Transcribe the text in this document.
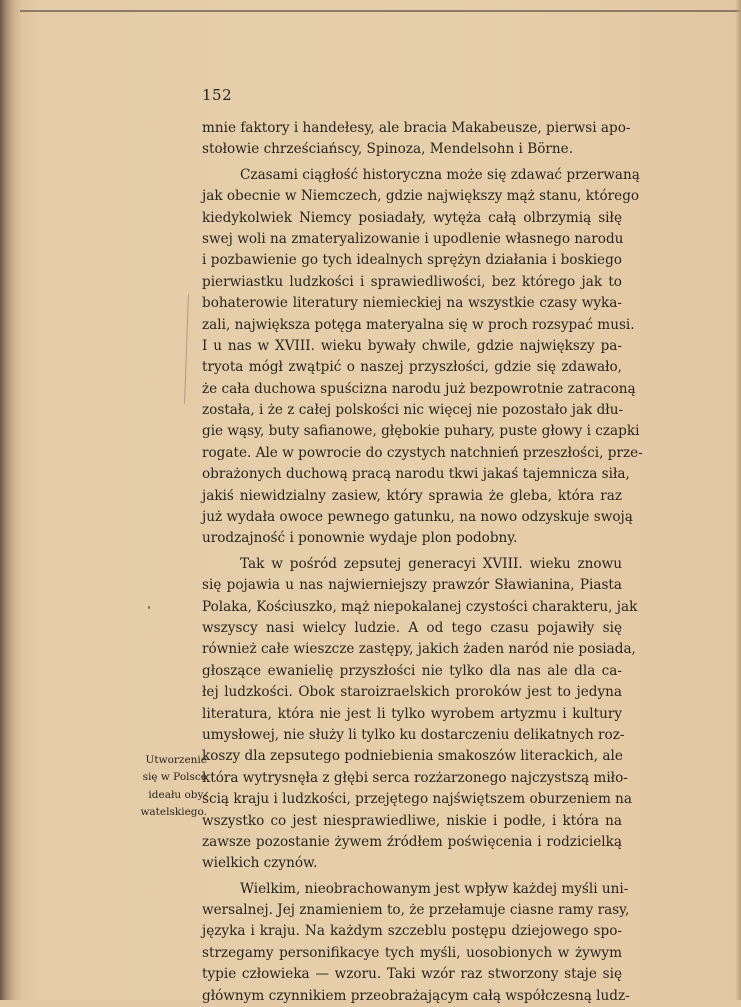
152
mnie faktory i handełesy, ale bracia Makabeusze, pierwsi apo-
stołowie chrześciańscy, Spinoza, Mendelsohn i Börne.
Czasami ciągłość historyczna może się zdawać przerwaną
jak obecnie w Niemczech, gdzie największy mąż stanu, którego
kiedykolwiek Niemcy posiadały, wytęża całą olbrzymią siłę
swej woli na zmateryalizowanie i upodlenie własnego narodu
i pozbawienie go tych idealnych sprężyn działania i boskiego
pierwiastku ludzkości i sprawiedliwości, bez którego jak to
bohaterowie literatury niemieckiej na wszystkie czasy wyka-
zali, największa potęga materyalna się w proch rozsypać musi.
I u nas w XVIII. wieku bywały chwile, gdzie największy pa-
tryota mógł zwątpić o naszej przyszłości, gdzie się zdawało,
że cała duchowa spuścizna narodu już bezpowrotnie zatraconą
została, i że z całej polskości nic więcej nie pozostało jak dłu-
gie wąsy, buty safianowe, głębokie puhary, puste głowy i czapki
rogate. Ale w powrocie do czystych natchnień przeszłości, prze-
obrażonych duchową pracą narodu tkwi jakaś tajemnicza siła,
jakiś niewidzialny zasiew, który sprawia że gleba, która raz
już wydała owoce pewnego gatunku, na nowo odzyskuje swoją
urodzajność i ponownie wydaje plon podobny.
Tak w pośród zepsutej generacyi XVIII. wieku znowu
się pojawia u nas najwierniejszy prawzór Sławianina, Piasta
Polaka, Kościuszko, mąż niepokalanej czystości charakteru, jak
wszyscy nasi wielcy ludzie. A od tego czasu pojawiły się
również całe wieszcze zastępy, jakich żaden naród nie posiada,
głoszące ewanielię przyszłości nie tylko dla nas ale dla ca-
łej ludzkości. Obok staroizraelskich proroków jest to jedyna
literatura, która nie jest li tylko wyrobem artyzmu i kultury
umysłowej, nie służy li tylko ku dostarczeniu delikatnych roz-
koszy dla zepsutego podniebienia smakoszów literackich, ale
która wytrysnęła z głębi serca rozżarzonego najczystszą miło-
ścią kraju i ludzkości, przejętego najświętszem oburzeniem na
wszystko co jest niesprawiedliwe, niskie i podłe, i która na
zawsze pozostanie żywem źródłem poświęcenia i rodzicielką
wielkich czynów.
Wielkim, nieobrachowanym jest wpływ każdej myśli uni-
wersalnej. Jej znamieniem to, że przełamuje ciasne ramy rasy,
języka i kraju. Na każdym szczeblu postępu dziejowego spo-
strzegamy personifikacye tych myśli, uosobionych w żywym
typie człowieka — wzoru. Taki wzór raz stworzony staje się
głównym czynnikiem przeobrażającym całą współczesną ludz-
Utworzenie
się w Polsce
ideału oby-
watelskiego.
